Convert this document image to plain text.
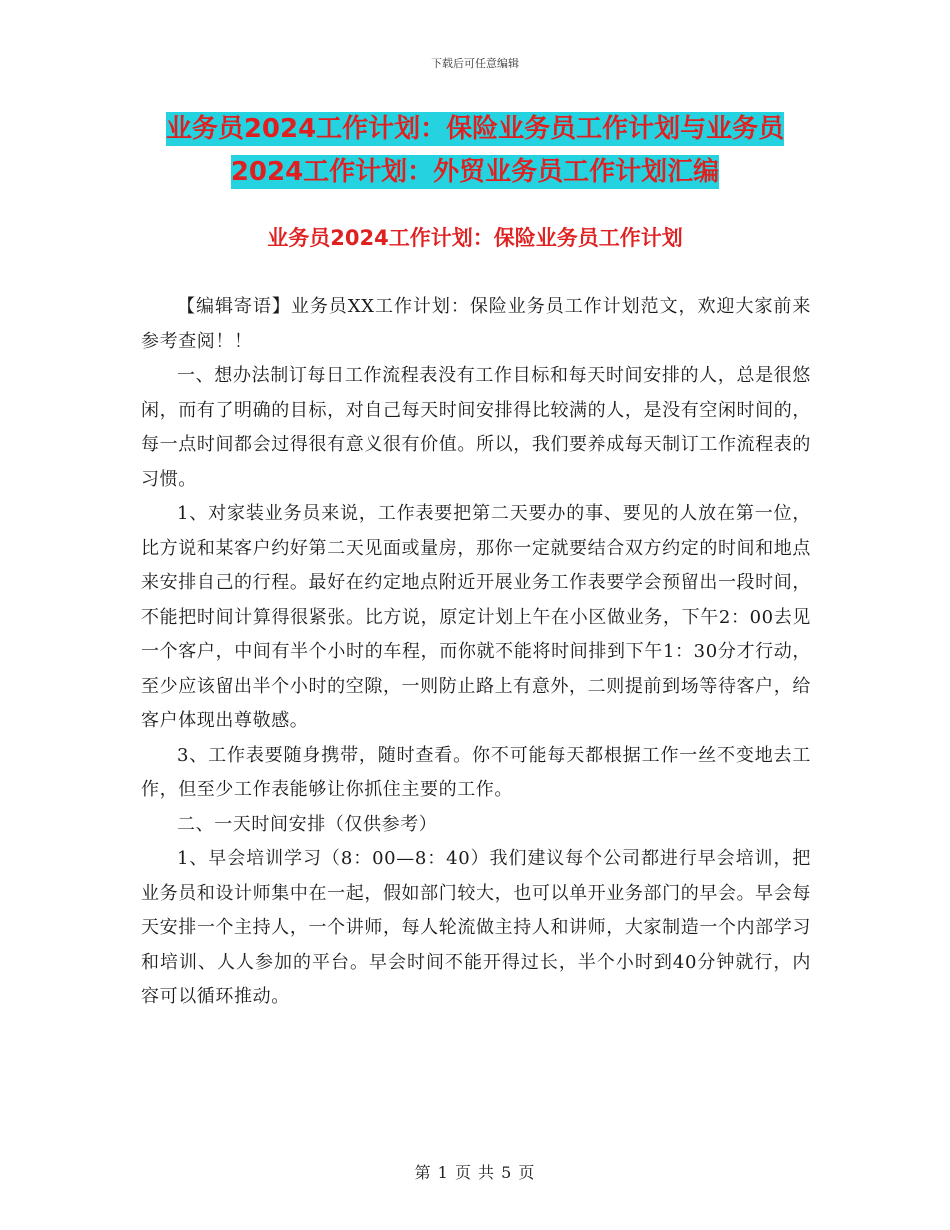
下载后可任意编辑
业务员2024工作计划：保险业务员工作计划与业务员
2024工作计划：外贸业务员工作计划汇编
业务员2024工作计划：保险业务员工作计划

【编辑寄语】业务员XX工作计划：保险业务员工作计划范文，欢迎大家前来参考查阅！！

一、想办法制订每日工作流程表没有工作目标和每天时间安排的人，总是很悠闲，而有了明确的目标，对自己每天时间安排得比较满的人，是没有空闲时间的，每一点时间都会过得很有意义很有价值。所以，我们要养成每天制订工作流程表的习惯。

1、对家装业务员来说，工作表要把第二天要办的事、要见的人放在第一位，比方说和某客户约好第二天见面或量房，那你一定就要结合双方约定的时间和地点来安排自己的行程。最好在约定地点附近开展业务工作表要学会预留出一段时间，不能把时间计算得很紧张。比方说，原定计划上午在小区做业务，下午2：00去见一个客户，中间有半个小时的车程，而你就不能将时间排到下午1：30分才行动，至少应该留出半个小时的空隙，一则防止路上有意外，二则提前到场等待客户，给客户体现出尊敬感。

3、工作表要随身携带，随时查看。你不可能每天都根据工作一丝不变地去工作，但至少工作表能够让你抓住主要的工作。

二、一天时间安排（仅供参考）

1、早会培训学习（8：00—8：40）我们建议每个公司都进行早会培训，把业务员和设计师集中在一起，假如部门较大，也可以单开业务部门的早会。早会每天安排一个主持人，一个讲师，每人轮流做主持人和讲师，大家制造一个内部学习和培训、人人参加的平台。早会时间不能开得过长，半个小时到40分钟就行，内容可以循环推动。

第 1 页 共 5 页
